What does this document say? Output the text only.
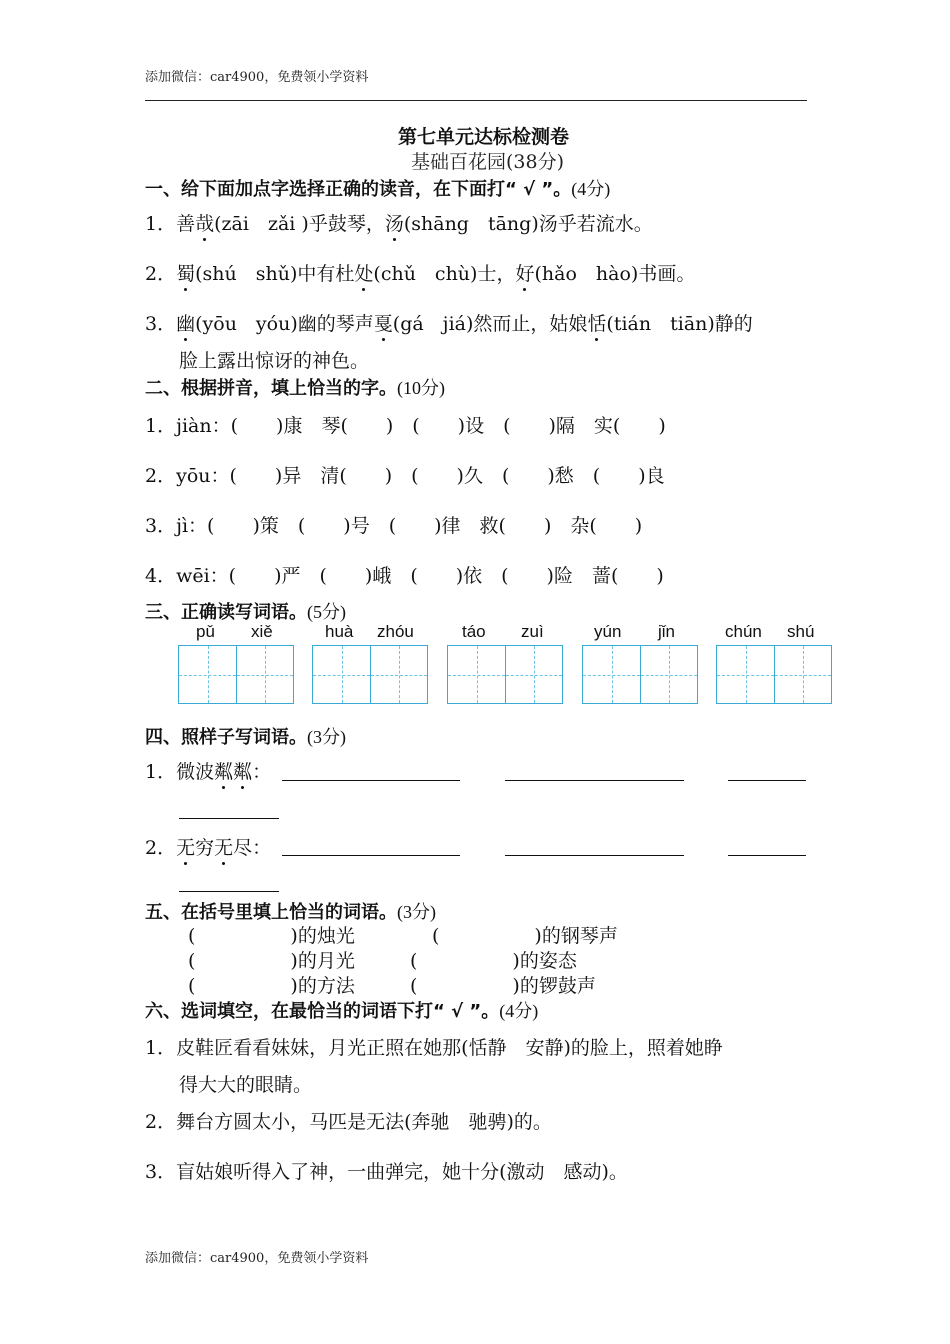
添加微信：car4900，免费领小学资料
第七单元达标检测卷
基础百花园(38分)
一、给下面加点字选择正确的读音，在下面打“ √ ”。(4分)
1．善哉(zāi　zǎi )乎鼓琴，汤(shāng　tāng)汤乎若流水。
2．蜀(shú　shǔ)中有杜处(chǔ　chù)士，好(hǎo　hào)书画。
3．幽(yōu　yóu)幽的琴声戛(gá　jiá)然而止，姑娘恬(tián　tiān)静的
脸上露出惊讶的神色。
二、根据拼音，填上恰当的字。(10分)
1．jiàn：(　　)康　琴(　　)　(　　)设　(　　)隔　实(　　)
2．yōu：(　　)异　清(　　)　(　　)久　(　　)愁　(　　)良
3．jì：(　　)策　(　　)号　(　　)律　救(　　)　杂(　　)
4．wēi：(　　)严　(　　)峨　(　　)依　(　　)险　蔷(　　)
三、正确读写词语。(5分)
pǔ xiě	huà zhóu	táo zuì	yún jǐn	chún shú
四、照样子写词语。(3分)
1．微波粼粼：
2．无穷无尽：
五、在括号里填上恰当的词语。(3分)
(　　　　　)的烛光	(　　　　　)的钢琴声
(　　　　　)的月光	(　　　　　)的姿态
(　　　　　)的方法	(　　　　　)的锣鼓声
六、选词填空，在最恰当的词语下打“ √ ”。(4分)
1．皮鞋匠看看妹妹，月光正照在她那(恬静　安静)的脸上，照着她睁
得大大的眼睛。
2．舞台方圆太小，马匹是无法(奔驰　驰骋)的。
3．盲姑娘听得入了神，一曲弹完，她十分(激动　感动)。
添加微信：car4900，免费领小学资料
